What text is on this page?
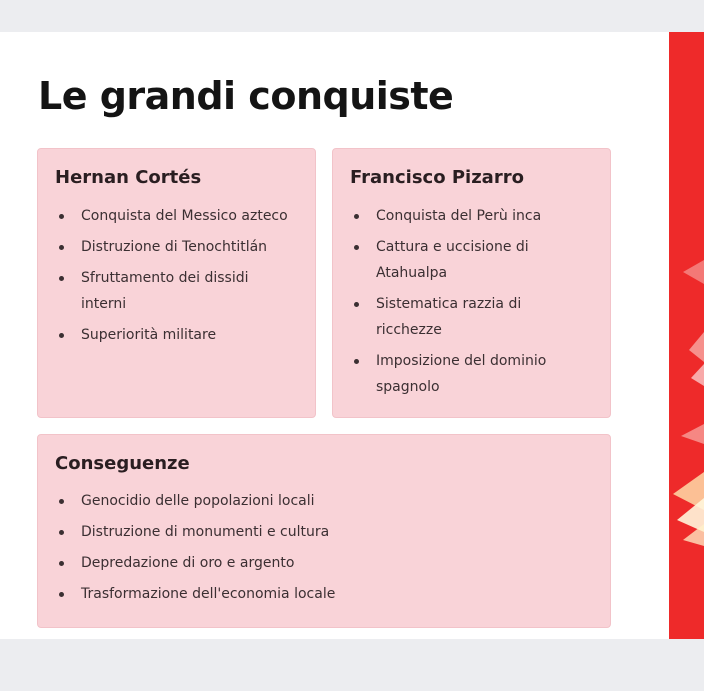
Le grandi conquiste
Hernan Cortés
Conquista del Messico azteco
Distruzione di Tenochtitlán
Sfruttamento dei dissidi interni
Superiorità militare
Francisco Pizarro
Conquista del Perù inca
Cattura e uccisione di Atahualpa
Sistematica razzia di ricchezze
Imposizione del dominio spagnolo
Conseguenze
Genocidio delle popolazioni locali
Distruzione di monumenti e cultura
Depredazione di oro e argento
Trasformazione dell'economia locale
